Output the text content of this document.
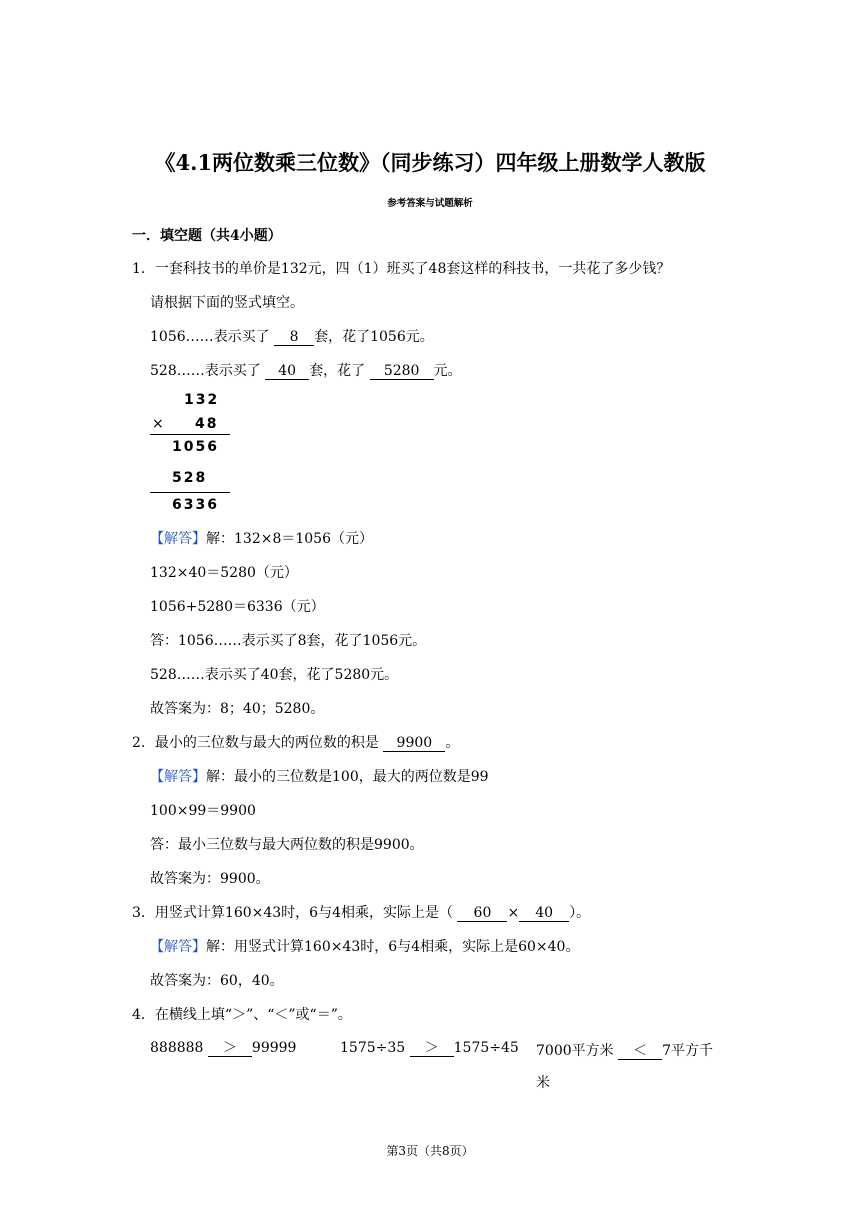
《4.1两位数乘三位数》（同步练习）四年级上册数学人教版
参考答案与试题解析
一．填空题（共4小题）
1．一套科技书的单价是132元，四（1）班买了48套这样的科技书，一共花了多少钱？
请根据下面的竖式填空。
1056……表示买了 8 套，花了1056元。
528……表示买了 40 套，花了 5280 元。
132
× 48
1056
528
6336
【解答】解：132×8＝1056（元）
132×40＝5280（元）
1056+5280＝6336（元）
答：1056……表示买了8套，花了1056元。
528……表示买了40套，花了5280元。
故答案为：8；40；5280。
2．最小的三位数与最大的两位数的积是 9900 。
【解答】解：最小的三位数是100，最大的两位数是99
100×99＝9900
答：最小三位数与最大两位数的积是9900。
故答案为：9900。
3．用竖式计算160×43时，6与4相乘，实际上是（ 60 × 40 ）。
【解答】解：用竖式计算160×43时，6与4相乘，实际上是60×40。
故答案为：60，40。
4．在横线上填“＞”、“＜”或“＝”。
888888 ＞ 99999	1575÷35 ＞ 1575÷45 7000平方米 ＜ 7平方千
米
第3页（共8页）
